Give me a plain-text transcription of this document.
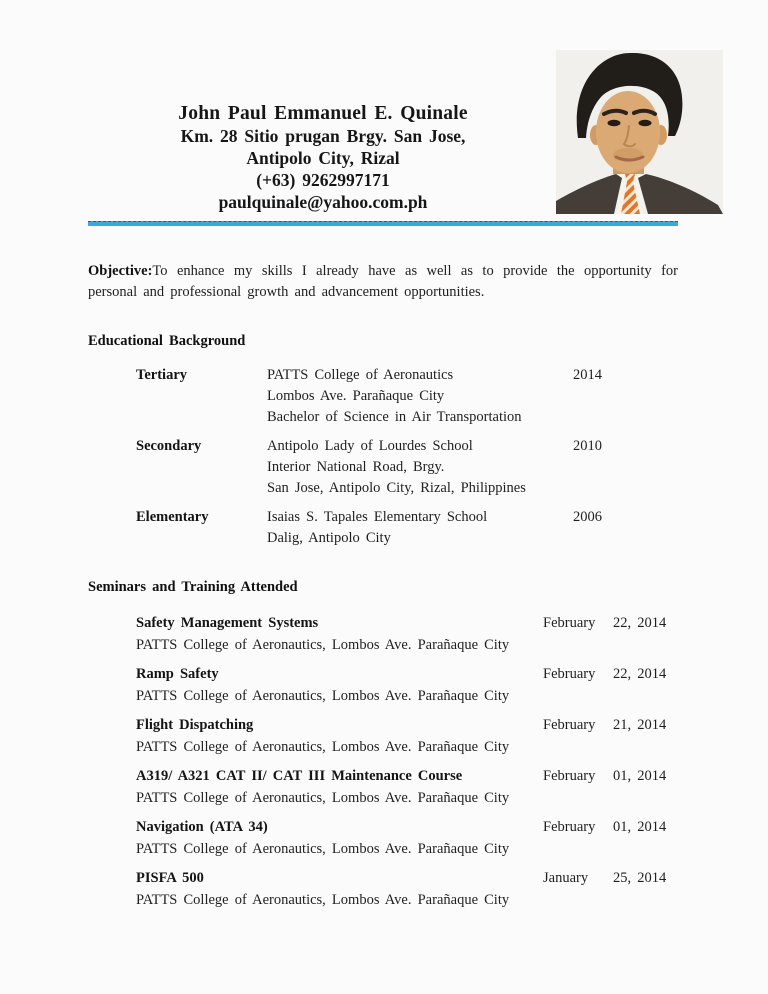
John Paul Emmanuel E. Quinale
Km. 28 Sitio prugan Brgy. San Jose,
Antipolo City, Rizal
(+63) 9262997171
paulquinale@yahoo.com.ph

Objective:To enhance my skills I already have as well as to provide the opportunity for personal and professional growth and advancement opportunities.

Educational Background
Tertiary	PATTS College of Aeronautics
Lombos Ave. Parañaque City
Bachelor of Science in Air Transportation
2014
Secondary	Antipolo Lady of Lourdes School
Interior National Road, Brgy.
San Jose, Antipolo City, Rizal, Philippines
2010
Elementary	Isaias S. Tapales Elementary School
Dalig, Antipolo City
2006
Seminars and Training Attended
Safety Management Systems
PATTS College of Aeronautics, Lombos Ave. Parañaque City
February	22, 2014
Ramp Safety
PATTS College of Aeronautics, Lombos Ave. Parañaque City
February	22, 2014
Flight Dispatching
PATTS College of Aeronautics, Lombos Ave. Parañaque City
February	21, 2014
A319/ A321 CAT II/ CAT III Maintenance Course
PATTS College of Aeronautics, Lombos Ave. Parañaque City
February	01, 2014
Navigation (ATA 34)
PATTS College of Aeronautics, Lombos Ave. Parañaque City
February	01, 2014
PISFA 500
PATTS College of Aeronautics, Lombos Ave. Parañaque City
January	25, 2014
